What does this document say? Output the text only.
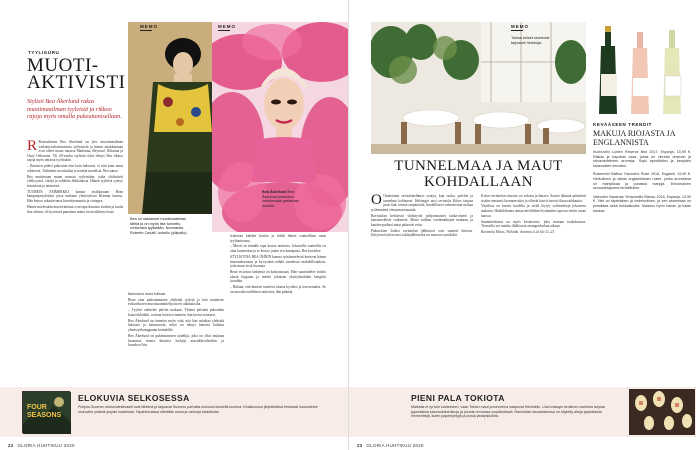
TYYLIGURU
MUOTI-AKTIVISTI
Stylisti Bea Åkerlund rakas muotimaailman tyyleistä ja rikkoo rajoja myös omalla pukeutumisellaan.

R Ruotsalainen Bea Åkerlund on yksi muotimaailman vaikutusvaltaisimmista stylisteistä ja hänen asiakkainaan ovat olleet muun muassa Madonna, Beyoncé, Rihanna ja Ozzy Osbourne. Yli 20-vuotta stylistin töitä tehnyt Bea rikkoo rajoja myös omassa tyylissään.

– Ihmisten pitäisi pukeutua niin kuin haluavat, ei niin kuin muut odottavat. Tärkeintä on uskaltaa ja nauttia muodista, Bea sanoo.

Bea muistetaan muun muassa tyyleistään, jotka yhdistävät ylellisyyttä, värejä ja rohkeita leikkauksia. Hänen tyylinsä syntyy intuitiosta ja tarinoista.

TUOREIN ESIMERKKI kantaa otsikkonaan Bean kampanjastylistinä jossa mukana yhteistyössä Klarnan kanssa. Hän kertoo rakastavansa kierrätysmuotia ja vintagea.

Hänen mielestään muotivalinnat ovat tapa ilmaista itseään ja tuoda iloa arkeen, oli kyseessä punainen matto tai tavallinen tiistai.

MEMO
Bea on stailannut muotimaailman tähtiä ja on myös itse tunnettu rohkeasta tyylistään. Normanlta Roberto Cavalli -kokeilu (yläpallo).
MEMO
Bea Åkerlund Bea Åkerlund pukeutuu intohimosta gasiaman muotiin.

kantavansa muita kohtaan.

Bean oma pukeutuminen yhdistää tyylejä ja hän mainitsee esikuvikseen muotisuunnittelijoita eri aikakausilta.

– Tyylini vaihtelee päivän mukaan. Yhtenä päivänä pukeudun kuin rokkitähti, toisena kuin hovinainen, hän kertoo nauraen.

Bea Åkerlund on tunnettu myös siitä, että hän uskaltaa yhdistää luksusta ja katumuotia, mikä on tehnyt hänestä halutun yhteistyökumppanin brändeille.

Bea Åkerlund on pukeutumisen taiteilija, joka on ollut mukana luomassa monia ikonisia lookeja musiikkivideoihin ja lavashow'hin.

riskeeraa kahden korttia ja tehdä hänen vaatteillaan omat tyylitarinansa.

– Muoti on minulle tapa kertoa tarinoita. Jokaisella vaatteella on oma luonteensa ja se kertoo jotain sen kantajasta, Bea kuvailee.

STYLISTINA BEA ÖHNIN kanssa työskentelevät kertovat hänen innostuksestaan ja kyvystään nähdä vaatteissa mahdollisuuksia, joita muut eivät huomaa.

Bean visioissa tärkeintä on kokonaisuus. Hän suunnittelee lookin alusta loppuun ja miettii jokaisen yksityiskohdan kengistä koruihin.

– Haluan, että ihmiset tuntevat olonsa hyväksi ja itsevarmaksi. Se on muodin todellinen tarkoitus, hän päättää.

FOUR
SEASONS
ELOKUVIA SELKOSESSA
Pohjois-Suomen elokuvafestivaalit ovat lähtenä ja tarjoavat Suomen parhaita elokuvia keskellä luontoa. Kesäkuussa järjestettävä festivaali houkuttelee elokuvien ystäviä ympäri maailmaa. Tapahtumassa nähdään uusia ja vanhoja klassikoita.
22 GLORIA HUHTIKUU 2020
MEMO
Tokion tuliset ravintolat tarjoavat herkkuja.
TUNNELMAA JA MAUT KOHDALLAAN

O Onnistunut ravintolaelämys syntyy, kun ruoka, palvelu ja tunnelma kohtaavat. Helsingin uusi ravintola Kiitos tarjoaa juuri tätä: rentoa ympäristöä, huolellisesti valmistettua ruokaa ja lämmintä vieraanvaraisuutta.

Ravintolan keittiössä yhdistyvät pohjoismaiset raaka-aineet ja kansainväliset vaikutteet. Menu vaihtuu vuodenaikojen mukaan, ja kauden parhaat maut pääsevät esiin.

Pääruokien lisäksi ravintolan jälkiruoat ovat saaneet kiitosta. Erityisesti talon oma suklaajälkiruoka on noussut suosikiksi.

Kiitos-ravintolan sisustus on valoisa ja ilmava. Suuret ikkunat päästävät sisään runsaasti luonnonvaloa ja vihreät kasvit tuovat tilaan raikkautta.

Viinilista on koottu huolella ja sieltä löytyy vaihtoehtoja jokaiseen makuun. Henkilökunta auttaa mielellään löytämään sopivan viinin ruoan kanssa.

Suunnitelmissa on myös kesäterassi, joka avataan toukokuussa. Terassilla voi nauttia illallisesta auringonlaskun aikaan.

Ravintola Kiitos, Helsinki. Avoinna ti–la klo 11–23.

KEVÄÄSEEN TRENDIT
MAKUJA RIOJASTA JA ENGLANNISTA

Kuohuviini Lumen Reserva Brut 2017, Espanja, 15,99 €. Raikas ja hapokas cava, jossa on vihreän omenan ja sitrushedelmien aromeja. Sopii aperitiiviksi ja kevyiden kalaruokien seuraksi.

Roseeviini Balfour Hannah's Rose 2018, Englanti, 19,90 €. Herkullinen ja raikas englantilainen rosee, jonka aromeissa on mansikkaa ja punaisia marjoja. Erinomainen seurustelujuoma kevätiltoihin.

Valkoviini Navarras Tempranillo Blanco 2018, Espanja, 13,90 €. Viini on täyteläinen ja hedelmäinen, ja sen aromeissa on persikkaa sekä kukkaisuutta. Maistuu hyvin kanan ja kalan kanssa.

PIENI PALA TOKIOTA
Matkalla ei ryt tule kuvanneen, vaan Tokion maut ja tunnelma saapuvat Helsinkiin. Uusi izakaya-henkinen ravintola tarjoaa japanilaisia katuruokaherkkuja ja juomia rennossa ympäristössä. Ravintolan sisustuksessa on käytetty aitoja japanilaisia elementtejä, kuten paperilyhtyjä ja puisia yksityiskohtia.
23 GLORIA HUHTIKUU 2020
